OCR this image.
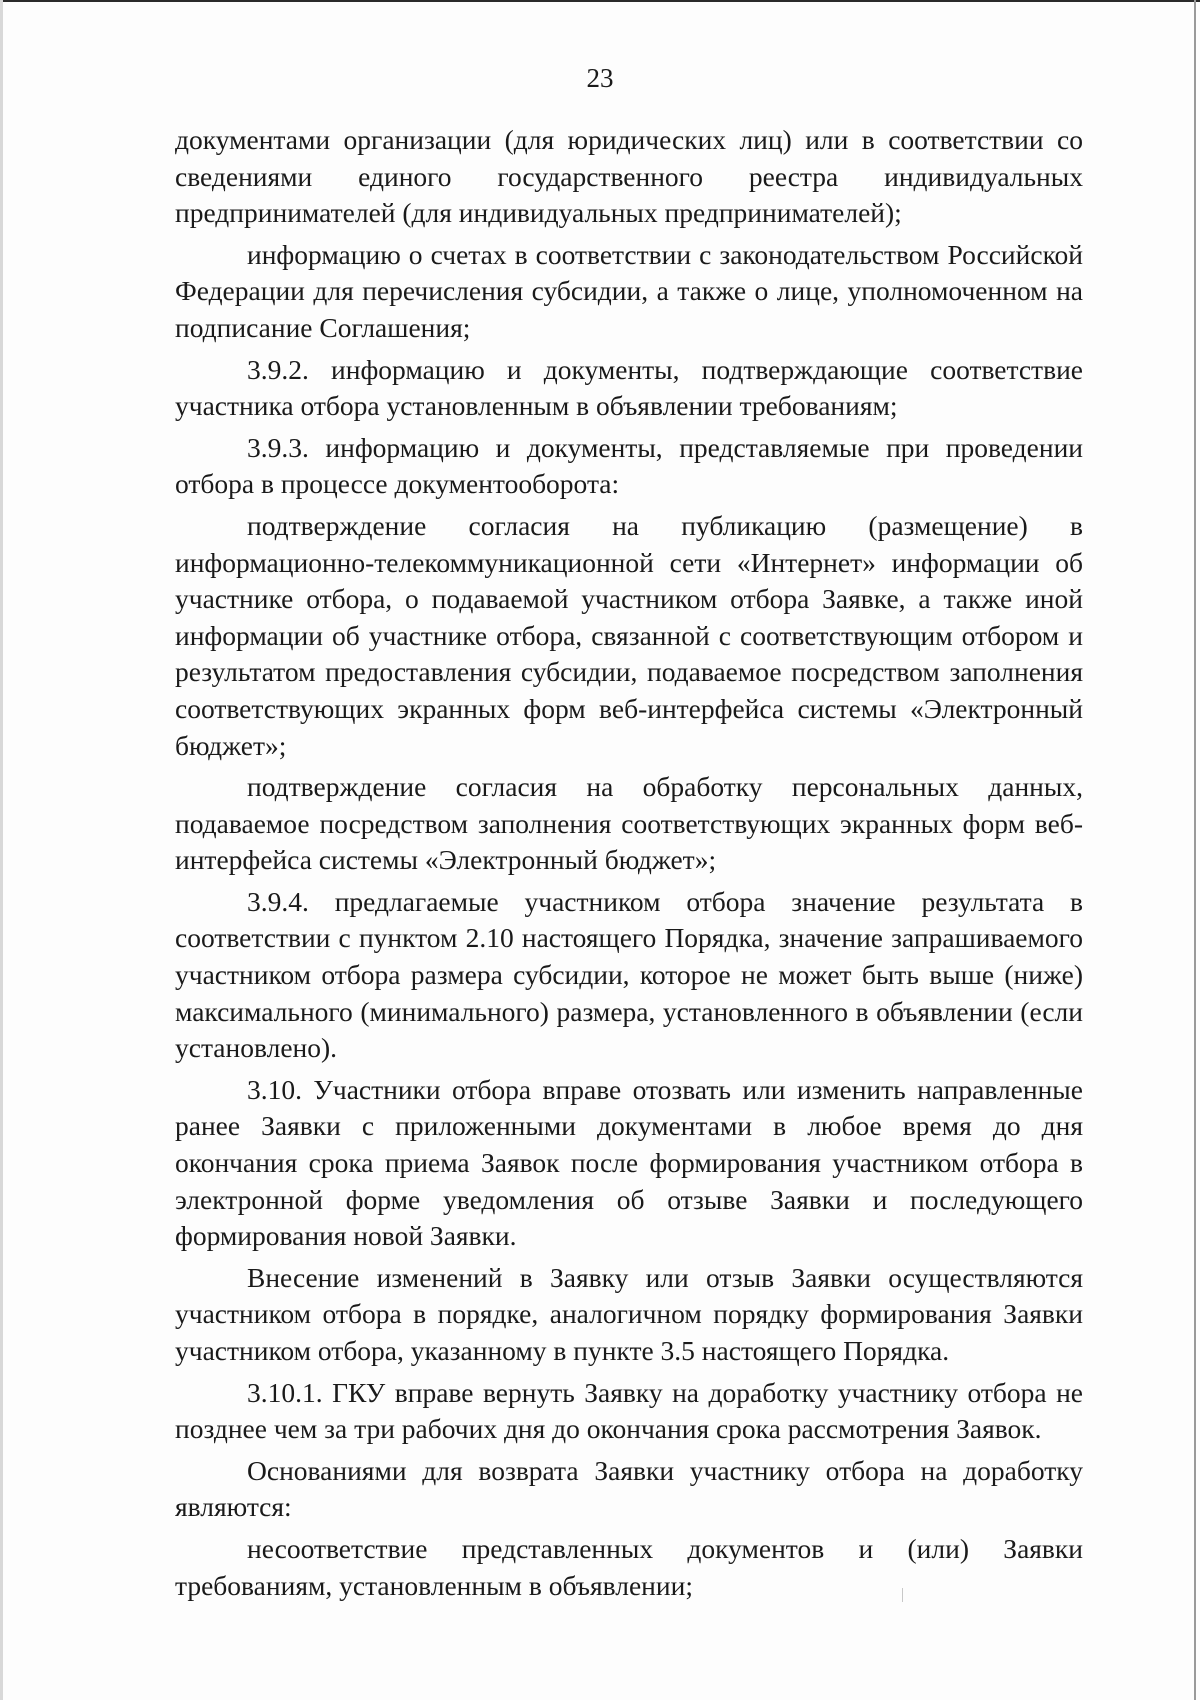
23

документами организации (для юридических лиц) или в соответствии со сведениями единого государственного реестра индивидуальных предпринимателей (для индивидуальных предпринимателей);

информацию о счетах в соответствии с законодательством Российской Федерации для перечисления субсидии, а также о лице, уполномоченном на подписание Соглашения;

3.9.2. информацию и документы, подтверждающие соответствие участника отбора установленным в объявлении требованиям;

3.9.3. информацию и документы, представляемые при проведении отбора в процессе документооборота:

подтверждение согласия на публикацию (размещение) в информационно-телекоммуникационной сети «Интернет» информации об участнике отбора, о подаваемой участником отбора Заявке, а также иной информации об участнике отбора, связанной с соответствующим отбором и результатом предоставления субсидии, подаваемое посредством заполнения соответствующих экранных форм веб-интерфейса системы «Электронный бюджет»;

подтверждение согласия на обработку персональных данных, подаваемое посредством заполнения соответствующих экранных форм веб-интерфейса системы «Электронный бюджет»;

3.9.4. предлагаемые участником отбора значение результата в соответствии с пунктом 2.10 настоящего Порядка, значение запрашиваемого участником отбора размера субсидии, которое не может быть выше (ниже) максимального (минимального) размера, установленного в объявлении (если установлено).

3.10. Участники отбора вправе отозвать или изменить направленные ранее Заявки с приложенными документами в любое время до дня окончания срока приема Заявок после формирования участником отбора в электронной форме уведомления об отзыве Заявки и последующего формирования новой Заявки.

Внесение изменений в Заявку или отзыв Заявки осуществляются участником отбора в порядке, аналогичном порядку формирования Заявки участником отбора, указанному в пункте 3.5 настоящего Порядка.

3.10.1. ГКУ вправе вернуть Заявку на доработку участнику отбора не позднее чем за три рабочих дня до окончания срока рассмотрения Заявок.

Основаниями для возврата Заявки участнику отбора на доработку являются:

несоответствие представленных документов и (или) Заявки требованиям, установленным в объявлении;
